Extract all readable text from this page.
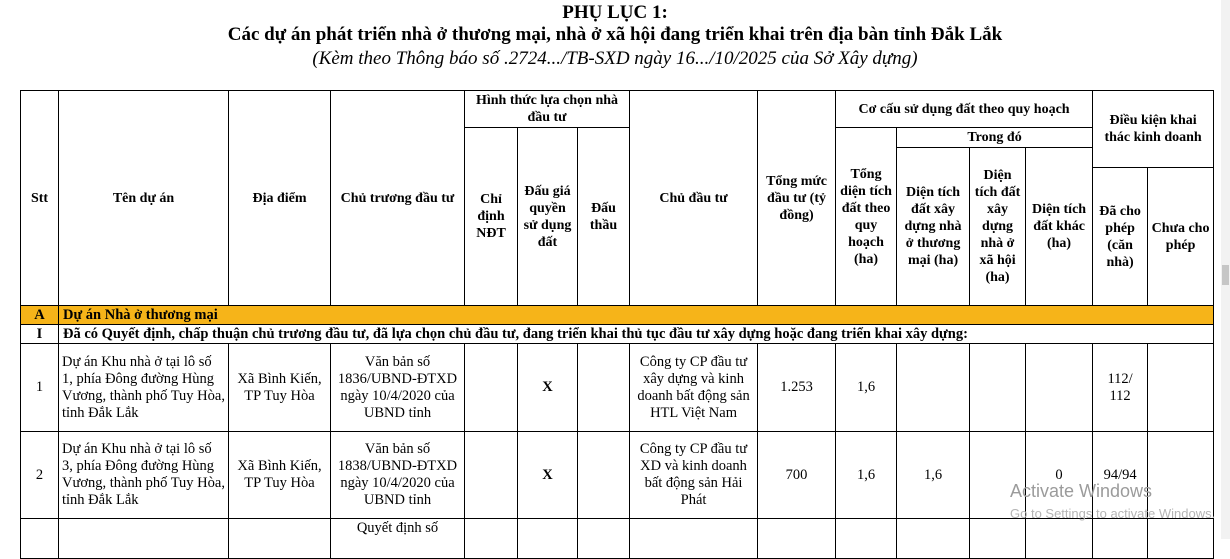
PHỤ LỤC 1:
Các dự án phát triển nhà ở thương mại, nhà ở xã hội đang triển khai trên địa bàn tỉnh Đắk Lắk
(Kèm theo Thông báo số .2724.../TB-SXD ngày 16.../10/2025 của Sở Xây dựng)
Stt	Tên dự án	Địa điểm	Chủ trương đầu tư	Hình thức lựa chọn nhà đầu tư			Chủ đầu tư	Tổng mức đầu tư (tỷ đồng)	Cơ cấu sử dụng đất theo quy hoạch				Điều kiện khai thác kinh doanh	
				Chỉ định NĐT	Đấu giá quyền sử dụng đất	Đấu thầu			Tổng diện tích đất theo quy hoạch (ha)	Trong đó				
										Diện tích đất xây dựng nhà ở thương mại (ha)	Diện tích đất xây dựng nhà ở xã hội (ha)	Diện tích đất khác (ha)		
													Đã cho phép (căn nhà)	Chưa cho phép
A	Dự án Nhà ở thương mại													
I	Đã có Quyết định, chấp thuận chủ trương đầu tư, đã lựa chọn chủ đầu tư, đang triển khai thủ tục đầu tư xây dựng hoặc đang triển khai xây dựng:													
1	Dự án Khu nhà ở tại lô số 1, phía Đông đường Hùng Vương, thành phố Tuy Hòa, tỉnh Đắk Lắk	Xã Bình Kiến, TP Tuy Hòa	Văn bản số 1836/UBND-ĐTXD ngày 10/4/2020 của UBND tỉnh		X		Công ty CP đầu tư xây dựng và kinh doanh bất động sản HTL Việt Nam	1.253	1,6				112/ 112	
2	Dự án Khu nhà ở tại lô số 3, phía Đông đường Hùng Vương, thành phố Tuy Hòa, tỉnh Đắk Lắk	Xã Bình Kiến, TP Tuy Hòa	Văn bản số 1838/UBND-ĐTXD ngày 10/4/2020 của UBND tỉnh		X		Công ty CP đầu tư XD và kinh doanh bất động sản Hải Phát	700	1,6	1,6		0	94/94	
			Quyết định số											
Activate Windows
Go to Settings to activate Windows.
